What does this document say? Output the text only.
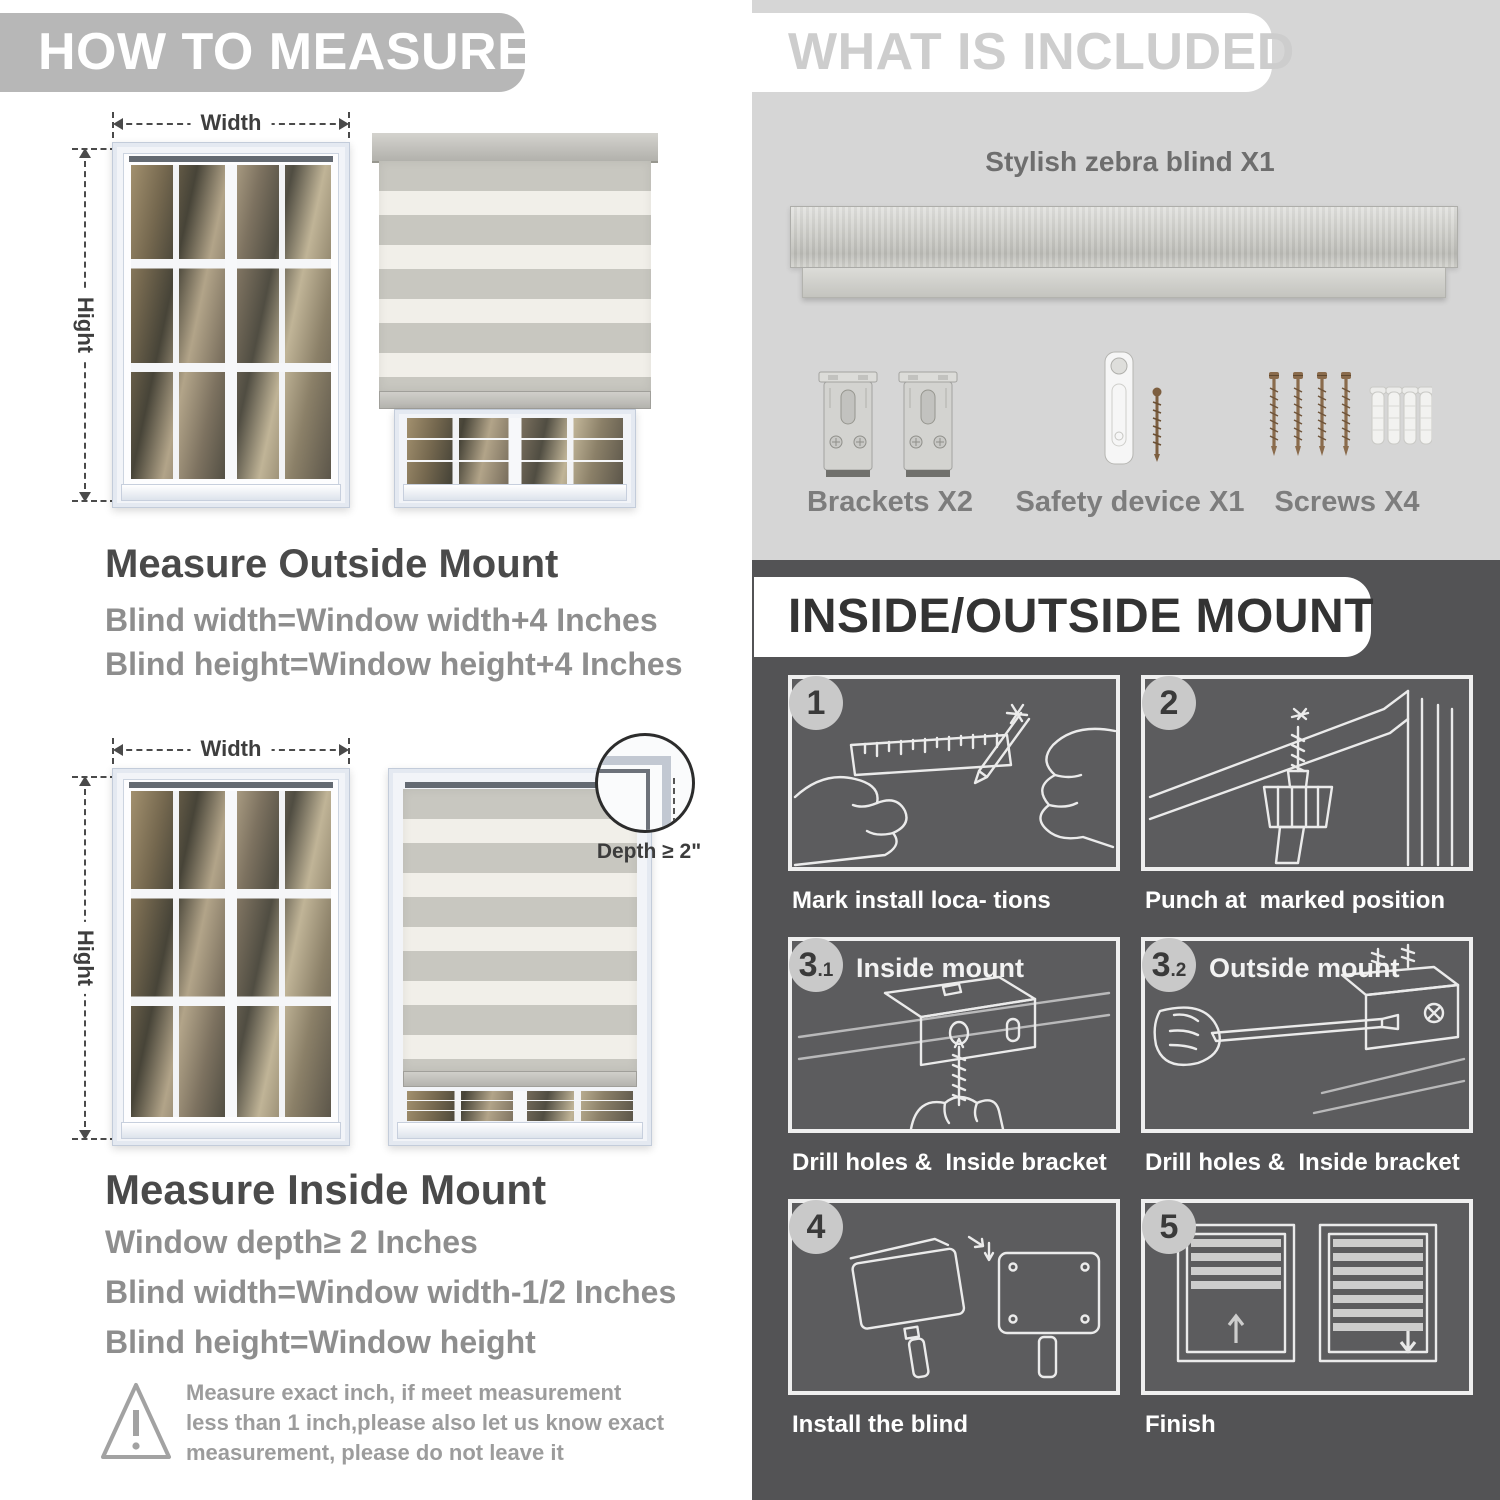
HOW TO MEASURE
Width
Hight
Measure Outside Mount
Blind width=Window width+4 Inches
Blind height=Window height+4 Inches
Width
Hight
Depth ≥ 2"
Measure Inside Mount
Window depth≥ 2 Inches
Blind width=Window width-1/2 Inches
Blind height=Window height
Measure exact inch, if meet measurement less than 1 inch,please also let us know exact measurement, please do not leave it
WHAT IS INCLUDED
Stylish zebra blind X1
Brackets X2 Safety device X1	Screws X4
INSIDE/OUTSIDE MOUNT
1
Mark install loca- tions
2
Punch at  marked position
3 .1 Inside mount
Drill holes &  Inside bracket
3 .2 Outside mount
Drill holes &  Inside bracket
4
Install the blind
5
Finish
